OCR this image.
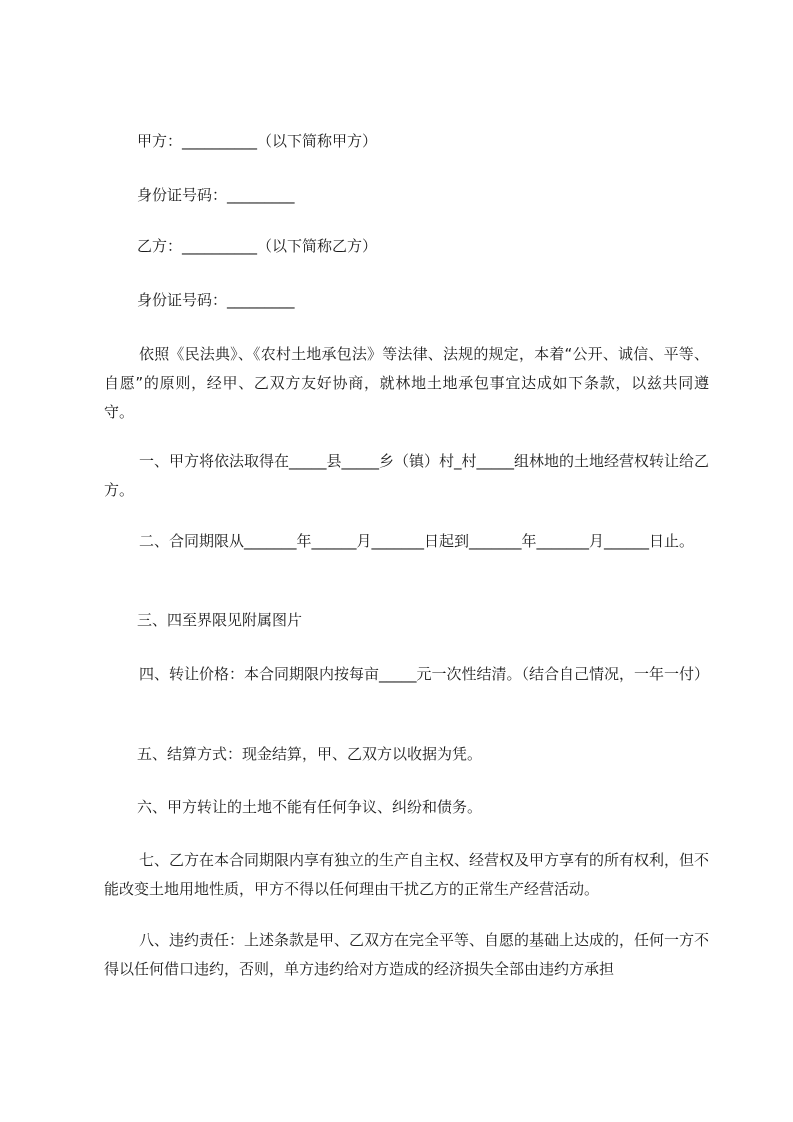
甲方：__________（以下简称甲方）
身份证号码：_________
乙方：__________（以下简称乙方）
身份证号码：_________
依照《民法典》、《农村土地承包法》等法律、法规的规定，本着“公开、诚信、平等、自愿”的原则，经甲、乙双方友好协商，就林地土地承包事宜达成如下条款，以兹共同遵守。
一、甲方将依法取得在_____县_____乡（镇）村_村_____组林地的土地经营权转让给乙方。
二、合同期限从_______年______月_______日起到_______年_______月______日止。
三、四至界限见附属图片
四、转让价格：本合同期限内按每亩_____元一次性结清。（结合自己情况，一年一付）
五、结算方式：现金结算，甲、乙双方以收据为凭。
六、甲方转让的土地不能有任何争议、纠纷和债务。
七、乙方在本合同期限内享有独立的生产自主权、经营权及甲方享有的所有权利，但不能改变土地用地性质，甲方不得以任何理由干扰乙方的正常生产经营活动。
八、违约责任：上述条款是甲、乙双方在完全平等、自愿的基础上达成的，任何一方不得以任何借口违约，否则，单方违约给对方造成的经济损失全部由违约方承担
